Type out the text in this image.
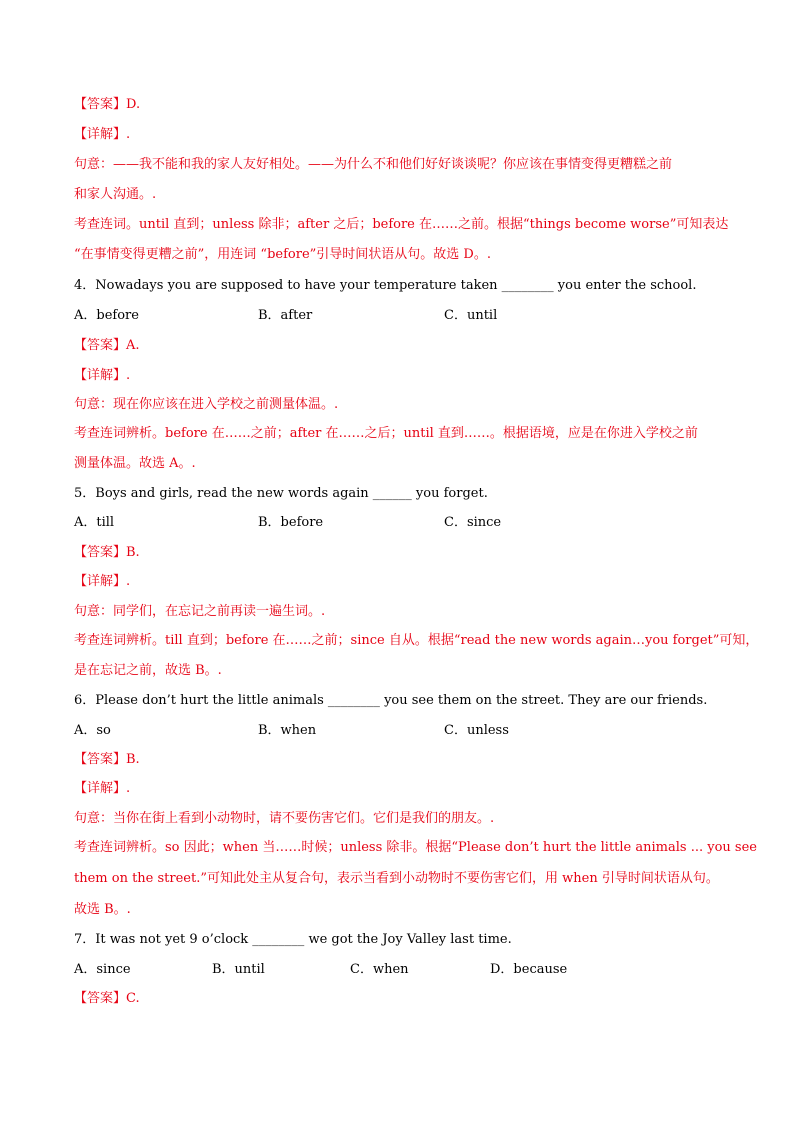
【答案】D.
【详解】.
句意：——我不能和我的家人友好相处。——为什么不和他们好好谈谈呢？你应该在事情变得更糟糕之前
和家人沟通。.
考查连词。until 直到；unless 除非；after 之后；before 在……之前。根据“things become worse”可知表达
“在事情变得更糟之前”，用连词 “before”引导时间状语从句。故选 D。.
4．Nowadays you are supposed to have your temperature taken ________ you enter the school.
A．before	B．after	C．until
【答案】A.
【详解】.
句意：现在你应该在进入学校之前测量体温。.
考查连词辨析。before 在……之前；after 在……之后；until 直到……。根据语境，应是在你进入学校之前
测量体温。故选 A。.
5．Boys and girls, read the new words again ______ you forget.
A．till	B．before	C．since
【答案】B.
【详解】.
句意：同学们，在忘记之前再读一遍生词。.
考查连词辨析。till 直到；before 在……之前；since 自从。根据“read the new words again…you forget”可知，
是在忘记之前，故选 B。.
6．Please don’t hurt the little animals ________ you see them on the street. They are our friends.
A．so	B．when	C．unless
【答案】B.
【详解】.
句意：当你在街上看到小动物时，请不要伤害它们。它们是我们的朋友。.
考查连词辨析。so 因此；when 当……时候；unless 除非。根据“Please don’t hurt the little animals ... you see
them on the street.”可知此处主从复合句，表示当看到小动物时不要伤害它们，用 when 引导时间状语从句。
故选 B。.
7．It was not yet 9 o’clock ________ we got the Joy Valley last time.
A．since	B．until	C．when	D．because
【答案】C.
